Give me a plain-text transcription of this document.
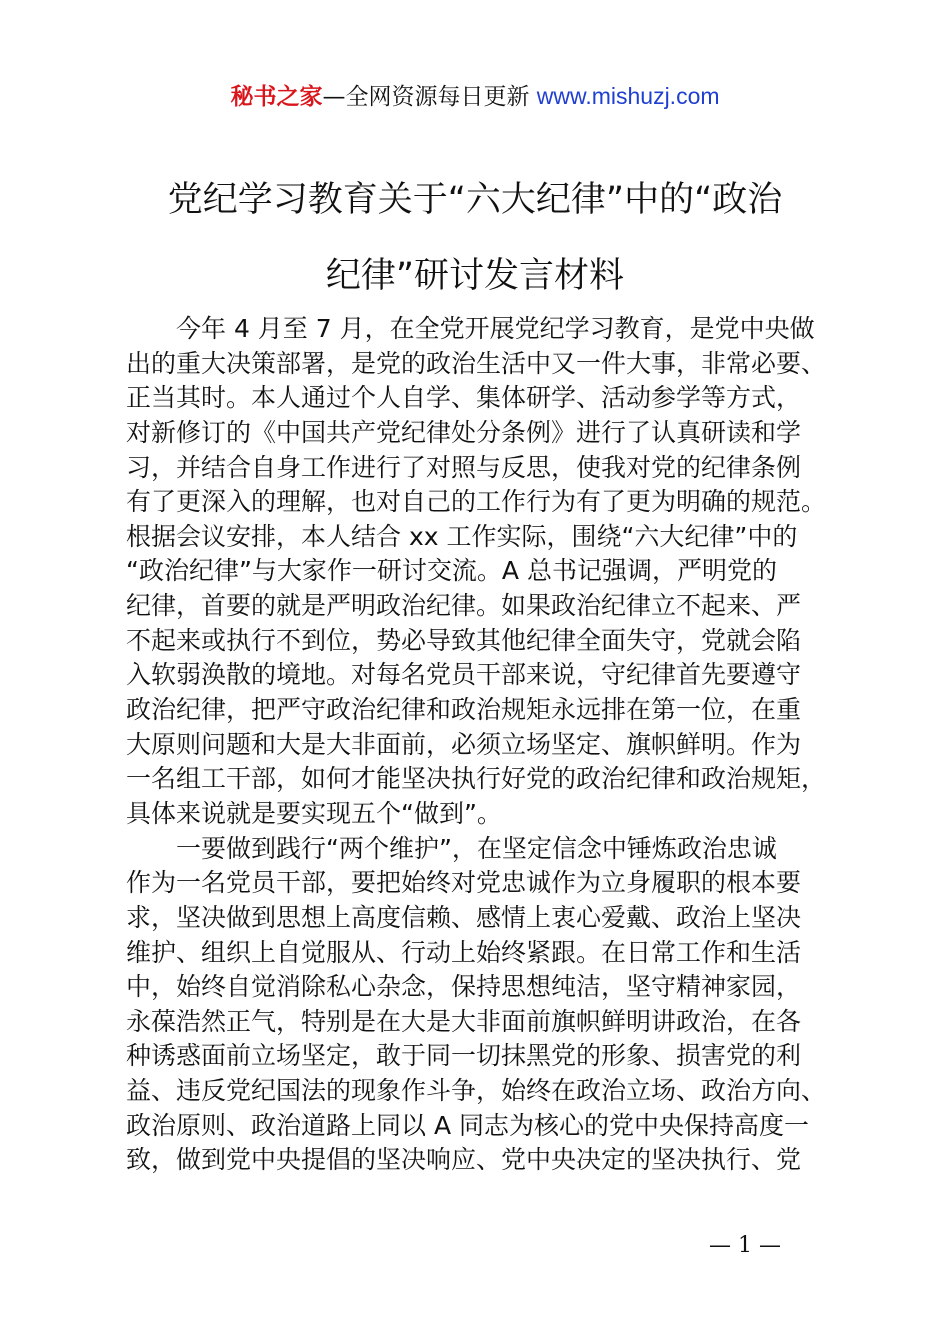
秘书之家—全网资源每日更新 www.mishuzj.com
党纪学习教育关于“六大纪律”中的“政治
纪律”研讨发言材料
今年 4 月至 7 月，在全党开展党纪学习教育，是党中央做
出的重大决策部署，是党的政治生活中又一件大事，非常必要、
正当其时。本人通过个人自学、集体研学、活动参学等方式，
对新修订的《中国共产党纪律处分条例》进行了认真研读和学
习，并结合自身工作进行了对照与反思，使我对党的纪律条例
有了更深入的理解，也对自己的工作行为有了更为明确的规范。
根据会议安排，本人结合 xx 工作实际，围绕“六大纪律”中的
“政治纪律”与大家作一研讨交流。A 总书记强调，严明党的
纪律，首要的就是严明政治纪律。如果政治纪律立不起来、严
不起来或执行不到位，势必导致其他纪律全面失守，党就会陷
入软弱涣散的境地。对每名党员干部来说，守纪律首先要遵守
政治纪律，把严守政治纪律和政治规矩永远排在第一位，在重
大原则问题和大是大非面前，必须立场坚定、旗帜鲜明。作为
一名组工干部，如何才能坚决执行好党的政治纪律和政治规矩，
具体来说就是要实现五个“做到”。
一要做到践行“两个维护”，在坚定信念中锤炼政治忠诚
作为一名党员干部，要把始终对党忠诚作为立身履职的根本要
求，坚决做到思想上高度信赖、感情上衷心爱戴、政治上坚决
维护、组织上自觉服从、行动上始终紧跟。在日常工作和生活
中，始终自觉消除私心杂念，保持思想纯洁，坚守精神家园，
永葆浩然正气，特别是在大是大非面前旗帜鲜明讲政治，在各
种诱惑面前立场坚定，敢于同一切抹黑党的形象、损害党的利
益、违反党纪国法的现象作斗争，始终在政治立场、政治方向、
政治原则、政治道路上同以 A 同志为核心的党中央保持高度一
致，做到党中央提倡的坚决响应、党中央决定的坚决执行、党
— 1 —
